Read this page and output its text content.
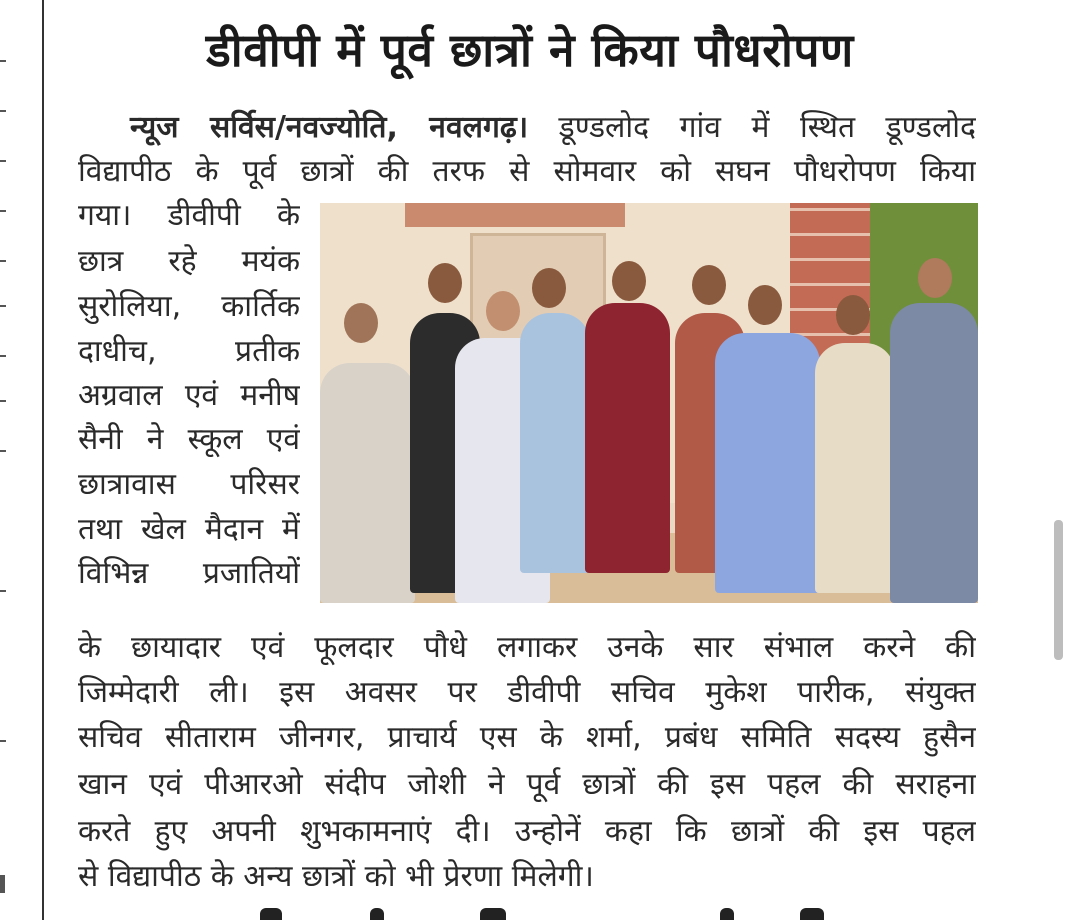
डीवीपी में पूर्व छात्रों ने किया पौधरोपण
न्यूज सर्विस/नवज्योति, नवलगढ़। डूण्डलोद गांव में स्थित डूण्डलोद
विद्यापीठ के पूर्व छात्रों की तरफ से सोमवार को सघन पौधरोपण किया
गया। डीवीपी के
छात्र रहे मयंक
सुरोलिया, कार्तिक
दाधीच, प्रतीक
अग्रवाल एवं मनीष
सैनी ने स्कूल एवं
छात्रावास परिसर
तथा खेल मैदान में
विभिन्न प्रजातियों
के छायादार एवं फूलदार पौधे लगाकर उनके सार संभाल करने की
जिम्मेदारी ली। इस अवसर पर डीवीपी सचिव मुकेश पारीक, संयुक्त
सचिव सीताराम जीनगर, प्राचार्य एस के शर्मा, प्रबंध समिति सदस्य हुसैन
खान एवं पीआरओ संदीप जोशी ने पूर्व छात्रों की इस पहल की सराहना
करते हुए अपनी शुभकामनाएं दी। उन्होनें कहा कि छात्रों की इस पहल
से विद्यापीठ के अन्य छात्रों को भी प्रेरणा मिलेगी।
